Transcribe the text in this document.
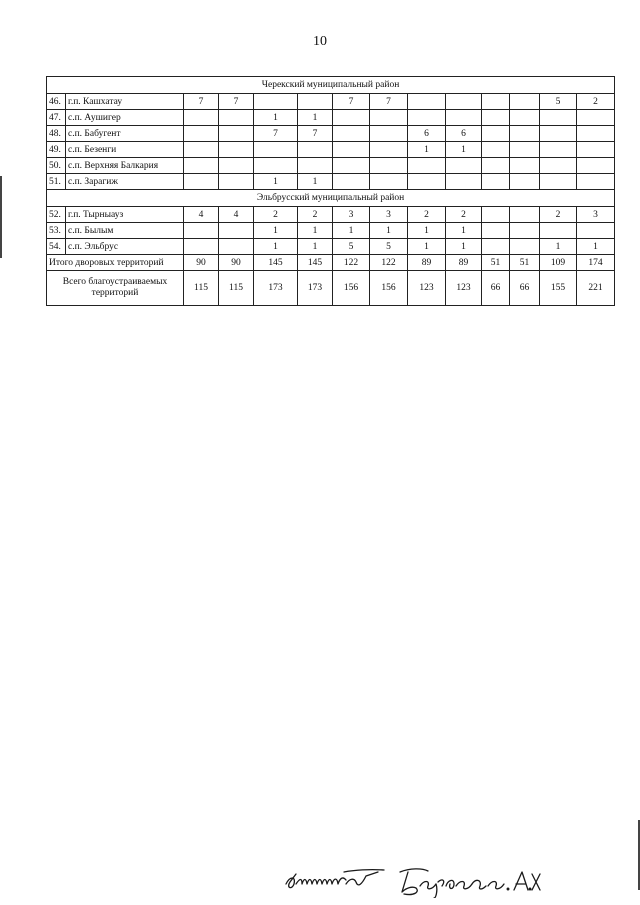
10
Черекский муниципальный район													
46.	г.п. Кашхатау	7	7			7	7					5	2
47.	с.п. Аушигер			1	1								
48.	с.п. Бабугент			7	7			6	6				
49.	с.п. Безенги							1	1				
50.	с.п. Верхняя Балкария												
51.	с.п. Зарагиж			1	1								
Эльбрусский муниципальный район													
52.	г.п. Тырныауз	4	4	2	2	3	3	2	2			2	3
53.	с.п. Былым			1	1	1	1	1	1				
54.	с.п. Эльбрус			1	1	5	5	1	1			1	1
Итого дворовых территорий		90	90	145	145	122	122	89	89	51	51	109	174
Всего благоустраиваемых территорий		115	115	173	173	156	156	123	123	66	66	155	221
